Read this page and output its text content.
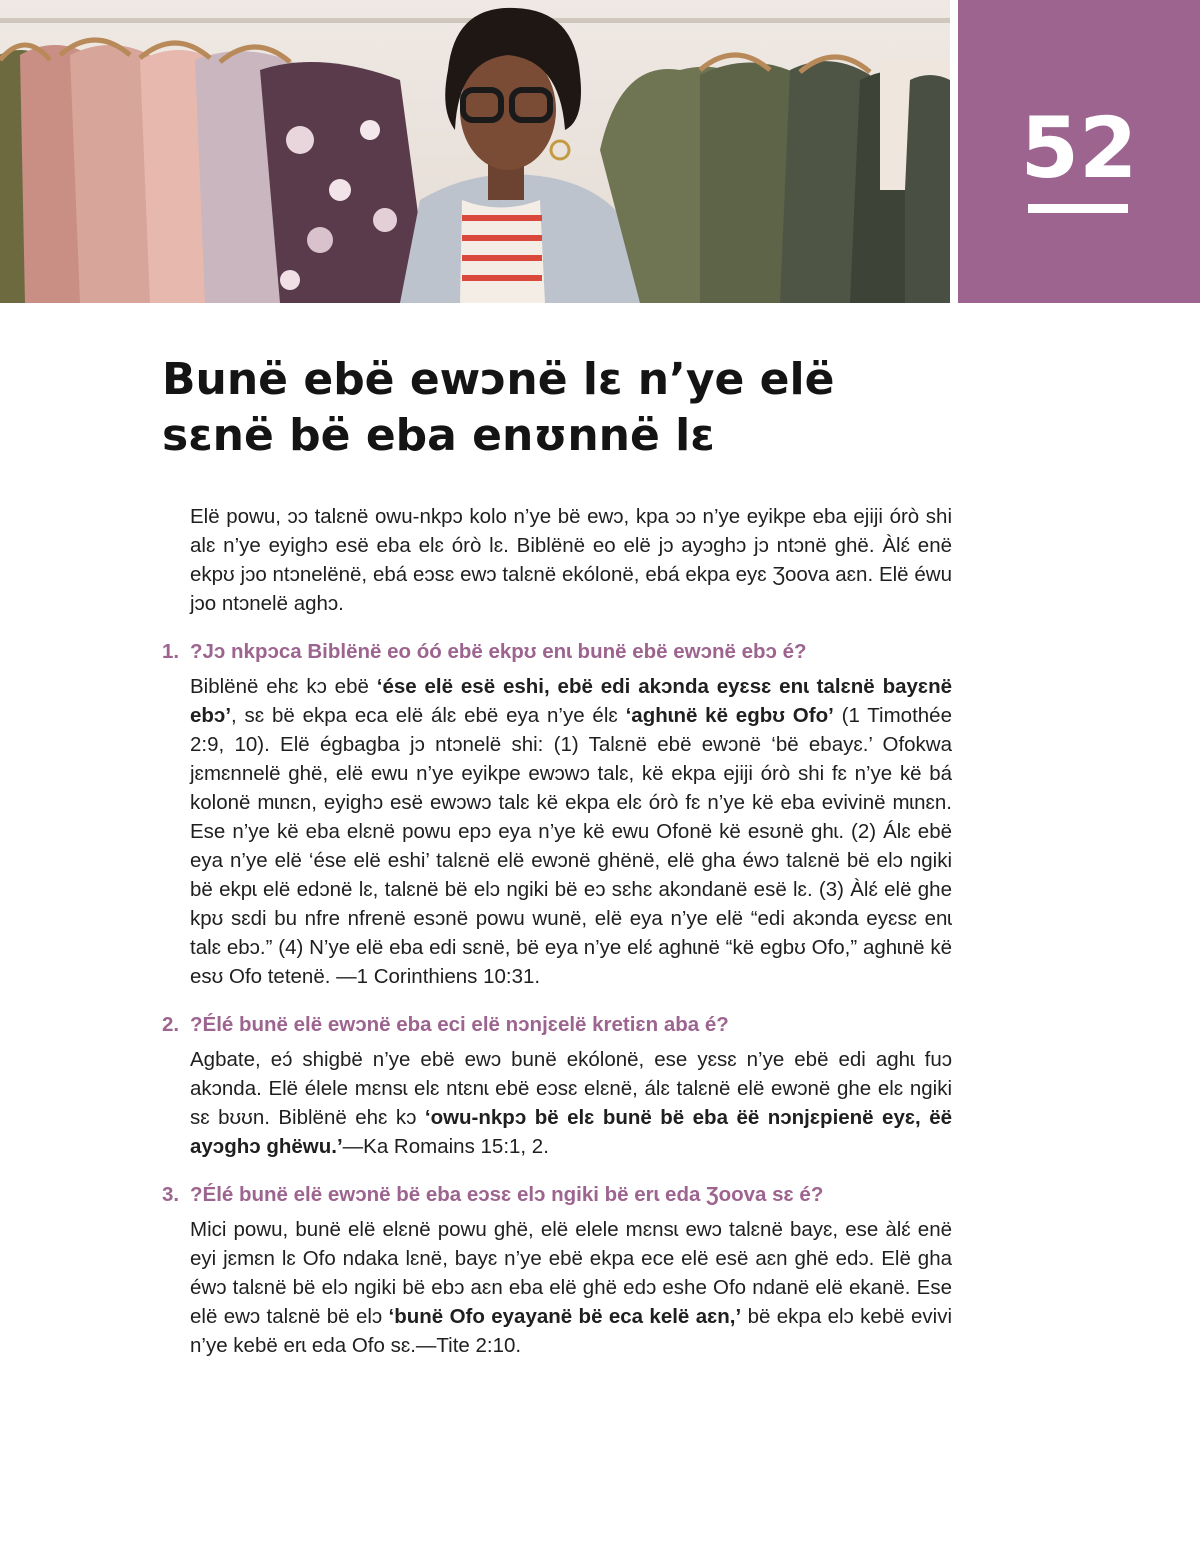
52
Bunë ebë ewɔnë lɛ n’ye elë
sɛnë bë eba enʊnnë lɛ

Elë powu, ɔɔ talɛnë owu-nkpɔ kolo n’ye bë ewɔ, kpa ɔɔ n’ye eyikpe eba ejiji órò shi alɛ n’ye eyighɔ esë eba elɛ órò lɛ. Biblënë eo elë jɔ ayɔghɔ jɔ ntɔnë ghë. Àlɛ́ enë ekpʊ jɔo ntɔnelënë, ebá eɔsɛ ewɔ talɛnë ekólonë, ebá ekpa eyɛ Ʒoova aɛn. Elë éwu jɔo ntɔnelë aghɔ.

1. ?Jɔ nkpɔca Biblënë eo óó ebë ekpʊ enɩ bunë ebë ewɔnë ebɔ é?

Biblënë ehɛ kɔ ebë ‘ése elë esë eshi, ebë edi akɔnda eyɛsɛ enɩ talɛnë bayɛnë ebɔ’, sɛ bë ekpa eca elë álɛ ebë eya n’ye élɛ ‘aghɩnë kë egbʊ Ofo’ (1 Timothée 2:9, 10). Elë égbagba jɔ ntɔnelë shi: (1) Talɛnë ebë ewɔnë ‘bë ebayɛ.’ Ofokwa jɛmɛnnelë ghë, elë ewu n’ye eyikpe ewɔwɔ talɛ, kë ekpa ejiji órò shi fɛ n’ye kë bá kolonë mɩnɛn, eyighɔ esë ewɔwɔ talɛ kë ekpa elɛ órò fɛ n’ye kë eba evivinë mɩnɛn. Ese n’ye kë eba elɛnë powu epɔ eya n’ye kë ewu Ofonë kë esʊnë ghɩ. (2) Álɛ ebë eya n’ye elë ‘ése elë eshi’ talɛnë elë ewɔnë ghënë, elë gha éwɔ talɛnë bë elɔ ngiki bë ekpɩ elë edɔnë lɛ, talɛnë bë elɔ ngiki bë eɔ sɛhɛ akɔndanë esë lɛ. (3) Àlɛ́ elë ghe kpʊ sɛdi bu nfre nfrenë esɔnë powu wunë, elë eya n’ye elë “edi akɔnda eyɛsɛ enɩ talɛ ebɔ.” (4) N’ye elë eba edi sɛnë, bë eya n’ye elɛ́ aghɩnë “kë egbʊ Ofo,” aghɩnë kë esʊ Ofo tetenë. —1 Corinthiens 10:31.

2. ?Élé bunë elë ewɔnë eba eci elë nɔnjɛelë kretiɛn aba é?

Agbate, eɔ́ shigbë n’ye ebë ewɔ bunë ekólonë, ese yɛsɛ n’ye ebë edi aghɩ fuɔ akɔnda. Elë élele mɛnsɩ elɛ ntɛnɩ ebë eɔsɛ elɛnë, álɛ talɛnë elë ewɔnë ghe elɛ ngiki sɛ bʊʊn. Biblënë ehɛ kɔ ‘owu-nkpɔ bë elɛ bunë bë eba ëë nɔnjɛpienë eyɛ, ëë ayɔghɔ ghëwu.’—Ka Romains 15:1, 2.

3. ?Élé bunë elë ewɔnë bë eba eɔsɛ elɔ ngiki bë erɩ eda Ʒoova sɛ é?

Mici powu, bunë elë elɛnë powu ghë, elë elele mɛnsɩ ewɔ talɛnë bayɛ, ese àlɛ́ enë eyi jɛmɛn lɛ Ofo ndaka lɛnë, bayɛ n’ye ebë ekpa ece elë esë aɛn ghë edɔ. Elë gha éwɔ talɛnë bë elɔ ngiki bë ebɔ aɛn eba elë ghë edɔ eshe Ofo ndanë elë ekanë. Ese elë ewɔ talɛnë bë elɔ ‘bunë Ofo eyayanë bë eca kelë aɛn,’ bë ekpa elɔ kebë evivi n’ye kebë erɩ eda Ofo sɛ.—Tite 2:10.
